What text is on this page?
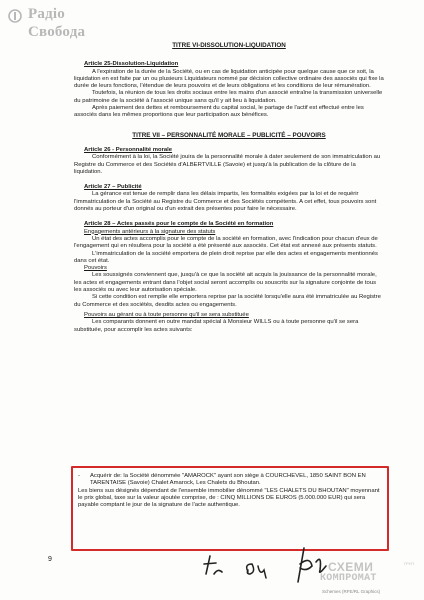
Радіо
Свобода

TITRE VI-DISSOLUTION-LIQUIDATION

Article 25-Dissolution-Liquidation

A l'expiration de la durée de la Société, ou en cas de liquidation anticipée pour quelque cause que ce soit, la liquidation en est faite par un ou plusieurs Liquidateurs nommé par décision collective ordinaire des associés qui fixe la durée de leurs fonctions, l'étendue de leurs pouvoirs et de leurs obligations et les conditions de leur rémunération.

Toutefois, la réunion de tous les droits sociaux entre les mains d'un associé entraîne la transmission universelle du patrimoine de la société à l'associé unique sans qu'il y ait lieu à liquidation.

Après paiement des dettes et remboursement du capital social, le partage de l'actif est effectué entre les associés dans les mêmes proportions que leur participation aux bénéfices.

TITRE VII – PERSONNALITÉ MORALE – PUBLICITÉ – POUVOIRS

Article 26 - Personnalité morale

Conformément à la loi, la Société jouira de la personnalité morale à dater seulement de son immatriculation au Registre du Commerce et des Sociétés d'ALBERTVILLE (Savoie) et jusqu'à la publication de la clôture de la liquidation.

Article 27 – Publicité

La gérance est tenue de remplir dans les délais impartis, les formalités exigées par la loi et de requérir l'immatriculation de la Société au Registre du Commerce et des Sociétés compétents. A cet effet, tous pouvoirs sont donnés au porteur d'un original ou d'un extrait des présentes pour faire le nécessaire.

Article 28 – Actes passés pour le compte de la Société en formation

Engagements antérieurs à la signature des statuts

Un état des actes accomplis pour le compte de la société en formation, avec l'indication pour chacun d'eux de l'engagement qui en résultera pour la société a été présenté aux associés. Cet état est annexé aux présents statuts.

L'immatriculation de la société emportera de plein droit reprise par elle des actes et engagements mentionnés dans cet état.

Pouvoirs

Les soussignés conviennent que, jusqu'à ce que la société ait acquis la jouissance de la personnalité morale, les actes et engagements entrant dans l'objet social seront accomplis ou souscrits sur la signature conjointe de tous les associés ou avec leur autorisation spéciale.

Si cette condition est remplie elle emportera reprise par la société lorsqu'elle aura été immatriculée au Registre du Commerce et des sociétés, desdits actes ou engagements.

Pouvoirs au gérant ou à toute personne qu'il se sera substituée

Les comparants donnent en outre mandat spécial à Monsieur WILLS ou à toute personne qu'il se sera substituée, pour accomplir les actes suivants:

- Acquérir de: la Société dénommée "AMAROCK" ayant son siège à COURCHEVEL, 1850 SAINT BON EN TARENTAISE (Savoie) Chalet Amarock, Les Chalets du Bhoutan.

Les biens sus désignés dépendant de l'ensemble immobilier dénommé "LES CHALETS DU BHOUTAN" moyennant le prix global, taxe sur la valeur ajoutée comprise, de : CINQ MILLIONS DE EUROS (5.000.000 EUR) qui sera payable comptant le jour de la signature de l'acte authentique.

9
СХЕМИ	ГРУП
КОМПРОМАТ
Schemes (RFE/RL Graphics)
